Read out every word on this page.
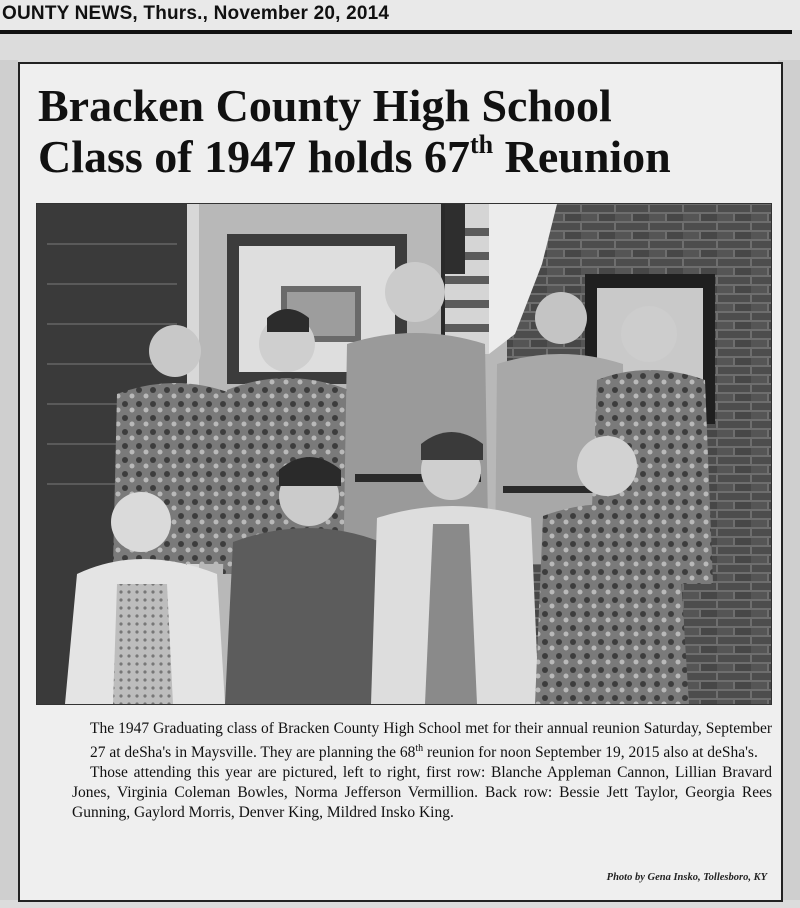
OUNTY NEWS, Thurs., November 20, 2014
Bracken County High School
Class of 1947 holds 67th Reunion

The 1947 Graduating class of Bracken County High School met for their annual reunion Saturday, September 27 at deSha's in Maysville. They are planning the 68th reunion for noon September 19, 2015 also at deSha's.

Those attending this year are pictured, left to right, first row: Blanche Appleman Cannon, Lillian Bravard Jones, Virginia Coleman Bowles, Norma Jefferson Vermillion. Back row: Bessie Jett Taylor, Georgia Rees Gunning, Gaylord Morris, Denver King, Mildred Insko King.

Photo by Gena Insko, Tollesboro, KY
